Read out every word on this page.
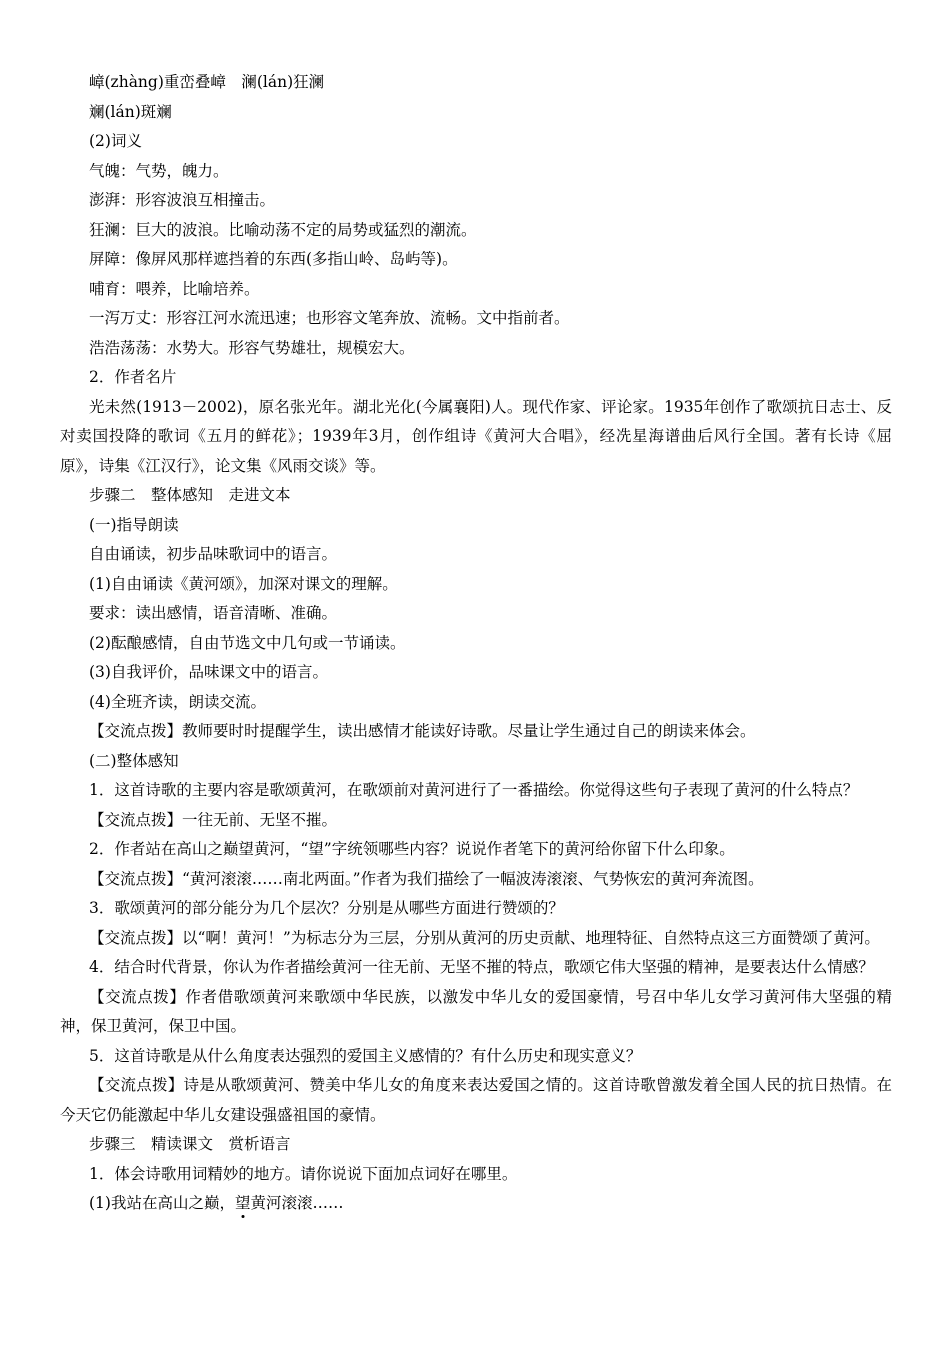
嶂(zhàng)重峦叠嶂　澜(lán)狂澜
斓(lán)斑斓
(2)词义
气魄：气势，魄力。
澎湃：形容波浪互相撞击。
狂澜：巨大的波浪。比喻动荡不定的局势或猛烈的潮流。
屏障：像屏风那样遮挡着的东西(多指山岭、岛屿等)。
哺育：喂养，比喻培养。
一泻万丈：形容江河水流迅速；也形容文笔奔放、流畅。文中指前者。
浩浩荡荡：水势大。形容气势雄壮，规模宏大。
2．作者名片
光未然(1913－2002)，原名张光年。湖北光化(今属襄阳)人。现代作家、评论家。1935年创作了歌颂抗日志士、反对卖国投降的歌词《五月的鲜花》；1939年3月，创作组诗《黄河大合唱》，经冼星海谱曲后风行全国。著有长诗《屈原》，诗集《江汉行》，论文集《风雨交谈》等。
步骤二　整体感知　走进文本
(一)指导朗读
自由诵读，初步品味歌词中的语言。
(1)自由诵读《黄河颂》，加深对课文的理解。
要求：读出感情，语音清晰、准确。
(2)酝酿感情，自由节选文中几句或一节诵读。
(3)自我评价，品味课文中的语言。
(4)全班齐读，朗读交流。
【交流点拨】教师要时时提醒学生，读出感情才能读好诗歌。尽量让学生通过自己的朗读来体会。
(二)整体感知
1．这首诗歌的主要内容是歌颂黄河，在歌颂前对黄河进行了一番描绘。你觉得这些句子表现了黄河的什么特点？
【交流点拨】一往无前、无坚不摧。
2．作者站在高山之巅望黄河，“望”字统领哪些内容？说说作者笔下的黄河给你留下什么印象。
【交流点拨】“黄河滚滚……南北两面。”作者为我们描绘了一幅波涛滚滚、气势恢宏的黄河奔流图。
3．歌颂黄河的部分能分为几个层次？分别是从哪些方面进行赞颂的？
【交流点拨】以“啊！黄河！”为标志分为三层，分别从黄河的历史贡献、地理特征、自然特点这三方面赞颂了黄河。
4．结合时代背景，你认为作者描绘黄河一往无前、无坚不摧的特点，歌颂它伟大坚强的精神，是要表达什么情感？
【交流点拨】作者借歌颂黄河来歌颂中华民族，以激发中华儿女的爱国豪情，号召中华儿女学习黄河伟大坚强的精神，保卫黄河，保卫中国。
5．这首诗歌是从什么角度表达强烈的爱国主义感情的？有什么历史和现实意义？
【交流点拨】诗是从歌颂黄河、赞美中华儿女的角度来表达爱国之情的。这首诗歌曾激发着全国人民的抗日热情。在今天它仍能激起中华儿女建设强盛祖国的豪情。
步骤三　精读课文　赏析语言
1．体会诗歌用词精妙的地方。请你说说下面加点词好在哪里。
(1)我站在高山之巅，望
黄河滚滚……
